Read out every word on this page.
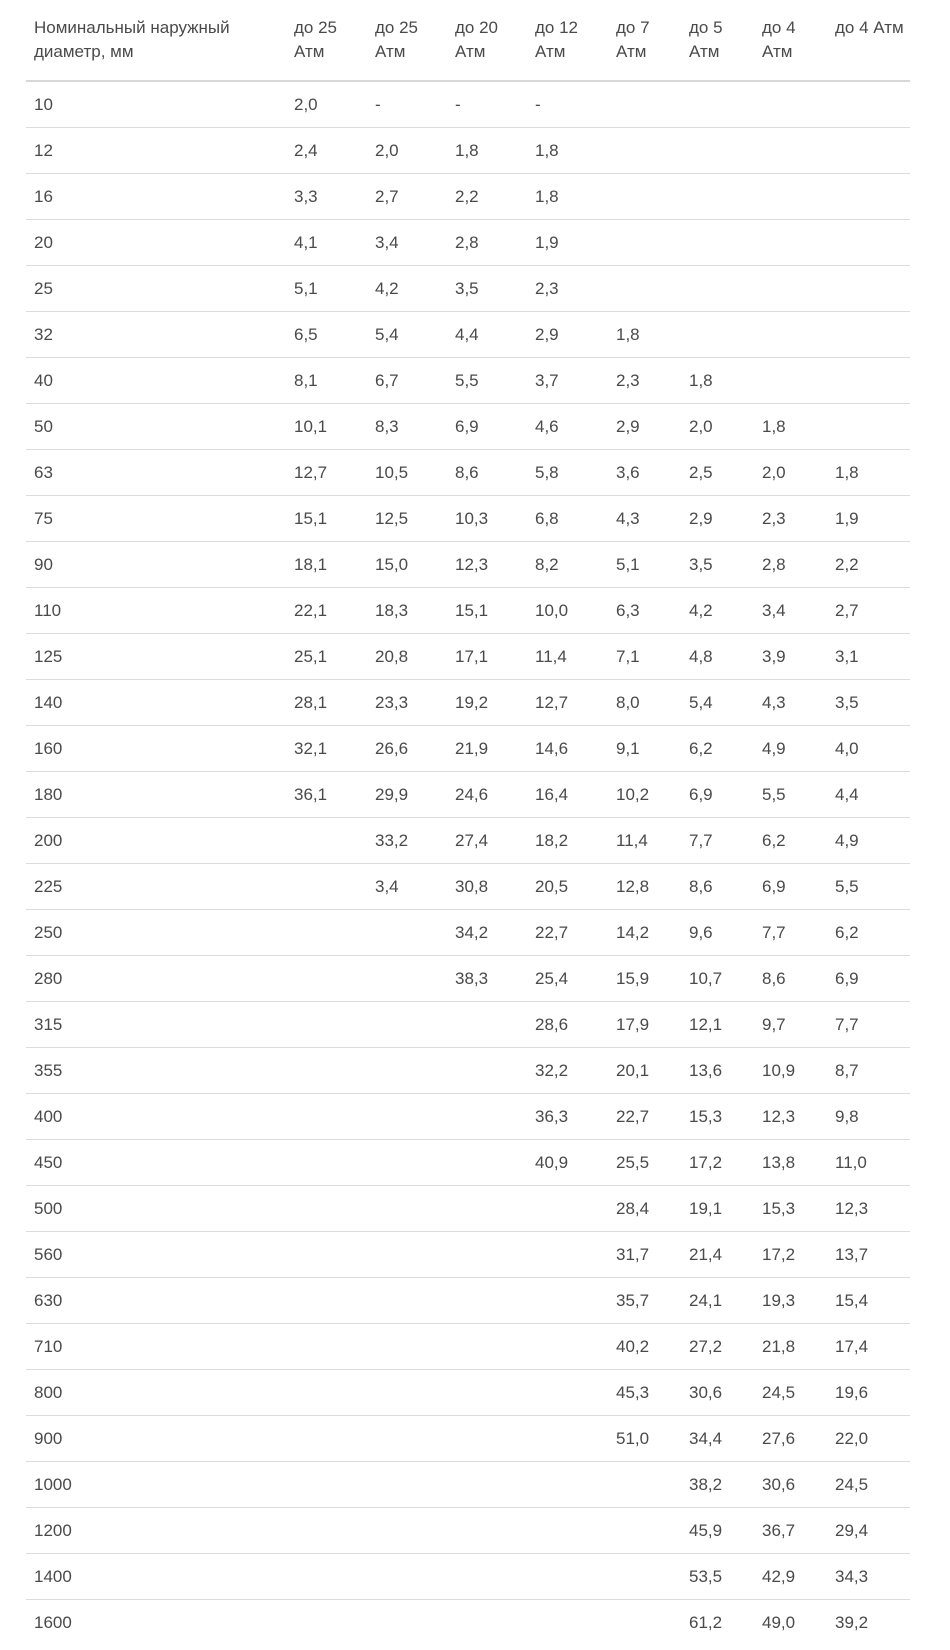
Номинальный наружный диаметр, мм	до 25 Атм	до 25 Атм	до 20 Атм	до 12 Атм	до 7 Атм	до 5 Атм	до 4 Атм	до 4 Атм
10	2,0	-	-	-				
12	2,4	2,0	1,8	1,8				
16	3,3	2,7	2,2	1,8				
20	4,1	3,4	2,8	1,9				
25	5,1	4,2	3,5	2,3				
32	6,5	5,4	4,4	2,9	1,8			
40	8,1	6,7	5,5	3,7	2,3	1,8		
50	10,1	8,3	6,9	4,6	2,9	2,0	1,8	
63	12,7	10,5	8,6	5,8	3,6	2,5	2,0	1,8
75	15,1	12,5	10,3	6,8	4,3	2,9	2,3	1,9
90	18,1	15,0	12,3	8,2	5,1	3,5	2,8	2,2
110	22,1	18,3	15,1	10,0	6,3	4,2	3,4	2,7
125	25,1	20,8	17,1	11,4	7,1	4,8	3,9	3,1
140	28,1	23,3	19,2	12,7	8,0	5,4	4,3	3,5
160	32,1	26,6	21,9	14,6	9,1	6,2	4,9	4,0
180	36,1	29,9	24,6	16,4	10,2	6,9	5,5	4,4
200		33,2	27,4	18,2	11,4	7,7	6,2	4,9
225		3,4	30,8	20,5	12,8	8,6	6,9	5,5
250			34,2	22,7	14,2	9,6	7,7	6,2
280			38,3	25,4	15,9	10,7	8,6	6,9
315				28,6	17,9	12,1	9,7	7,7
355				32,2	20,1	13,6	10,9	8,7
400				36,3	22,7	15,3	12,3	9,8
450				40,9	25,5	17,2	13,8	11,0
500					28,4	19,1	15,3	12,3
560					31,7	21,4	17,2	13,7
630					35,7	24,1	19,3	15,4
710					40,2	27,2	21,8	17,4
800					45,3	30,6	24,5	19,6
900					51,0	34,4	27,6	22,0
1000						38,2	30,6	24,5
1200						45,9	36,7	29,4
1400						53,5	42,9	34,3
1600						61,2	49,0	39,2
